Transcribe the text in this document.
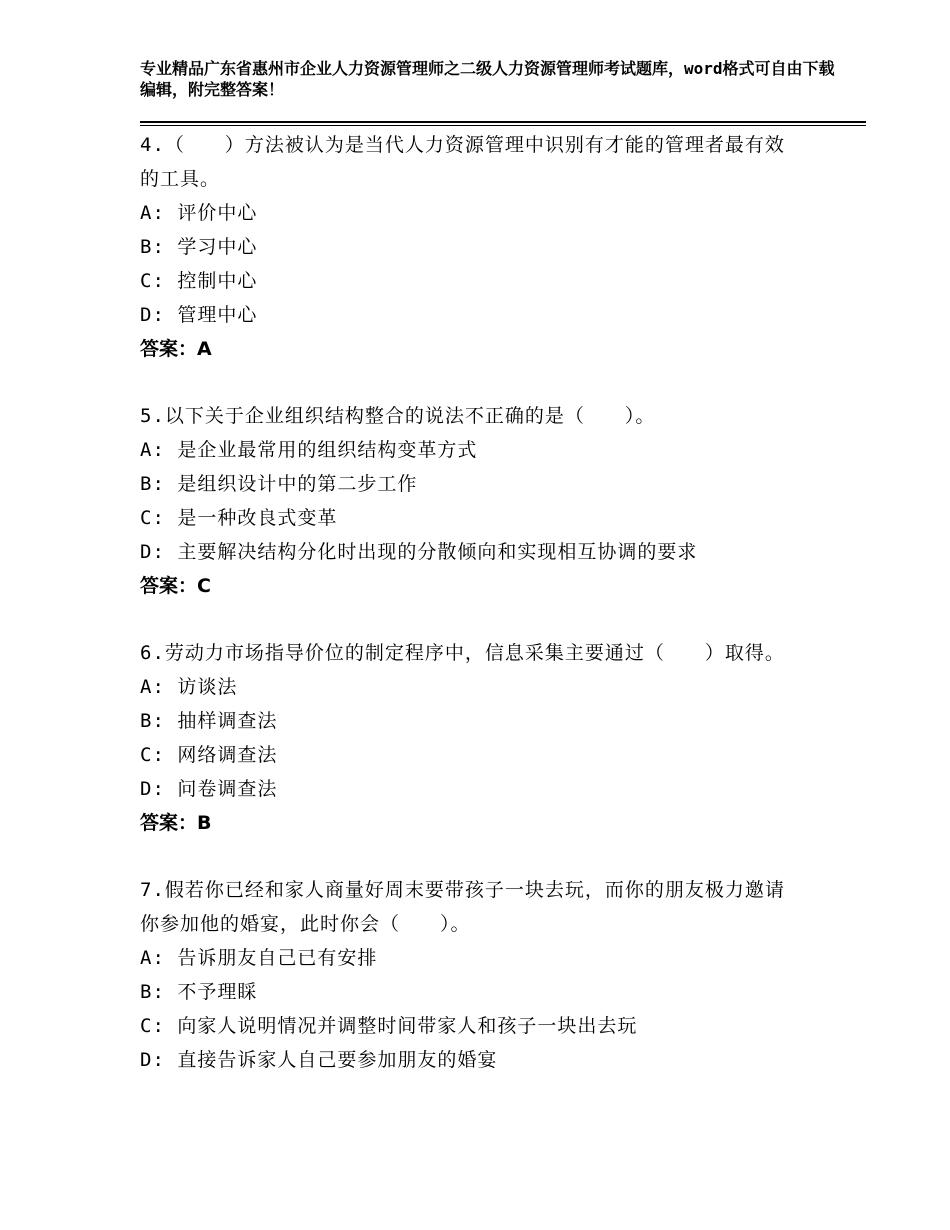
专业精品广东省惠州市企业人力资源管理师之二级人力资源管理师考试题库，word格式可自由下载编辑，附完整答案！

4.（　　）方法被认为是当代人力资源管理中识别有才能的管理者最有效的工具。

A: 评价中心

B: 学习中心

C: 控制中心

D: 管理中心

答案：A

5.以下关于企业组织结构整合的说法不正确的是（　　）。

A: 是企业最常用的组织结构变革方式

B: 是组织设计中的第二步工作

C: 是一种改良式变革

D: 主要解决结构分化时出现的分散倾向和实现相互协调的要求

答案：C

6.劳动力市场指导价位的制定程序中，信息采集主要通过（　　）取得。

A: 访谈法

B: 抽样调查法

C: 网络调查法

D: 问卷调查法

答案：B

7.假若你已经和家人商量好周末要带孩子一块去玩，而你的朋友极力邀请你参加他的婚宴，此时你会（　　）。

A: 告诉朋友自己已有安排

B: 不予理睬

C: 向家人说明情况并调整时间带家人和孩子一块出去玩

D: 直接告诉家人自己要参加朋友的婚宴
